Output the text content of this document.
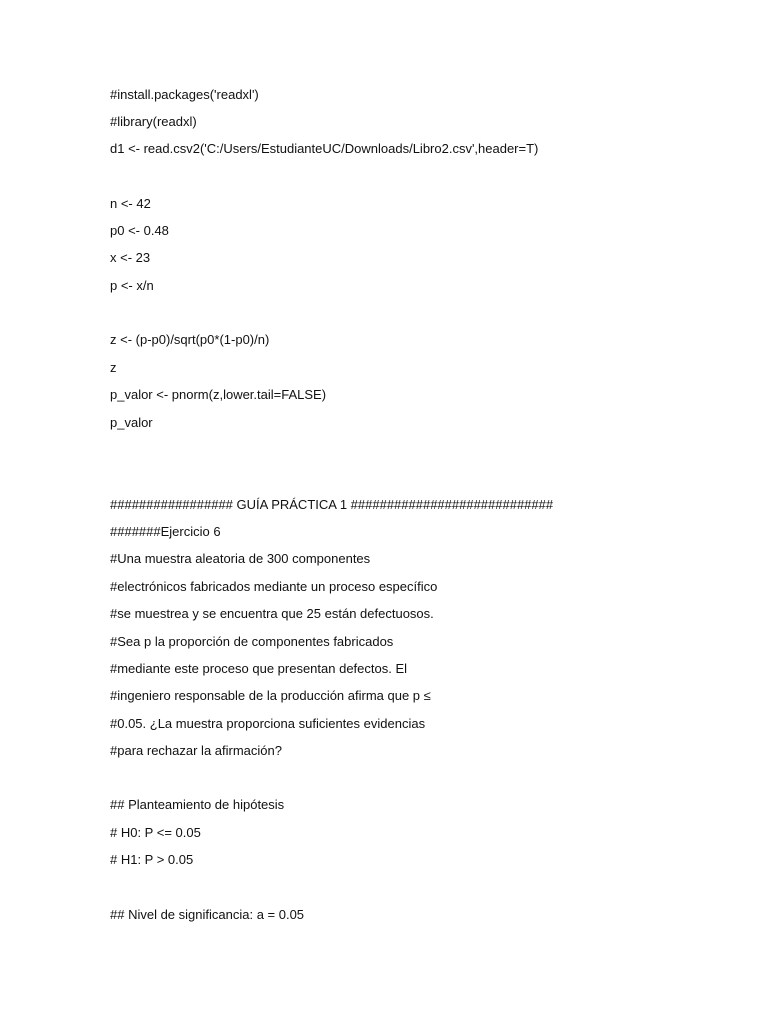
#install.packages('readxl')
#library(readxl)
d1 <- read.csv2('C:/Users/EstudianteUC/Downloads/Libro2.csv',header=T)
n <- 42
p0 <- 0.48
x <- 23
p <- x/n
z <- (p-p0)/sqrt(p0*(1-p0)/n)
z
p_valor <- pnorm(z,lower.tail=FALSE)
p_valor
################# GUÍA PRÁCTICA 1 ############################
#######Ejercicio 6
#Una muestra aleatoria de 300 componentes
#electrónicos fabricados mediante un proceso específico
#se muestrea y se encuentra que 25 están defectuosos.
#Sea p la proporción de componentes fabricados
#mediante este proceso que presentan defectos. El
#ingeniero responsable de la producción afirma que p ≤
#0.05. ¿La muestra proporciona suficientes evidencias
#para rechazar la afirmación?
## Planteamiento de hipótesis
# H0: P <= 0.05
# H1: P > 0.05
## Nivel de significancia: a = 0.05
